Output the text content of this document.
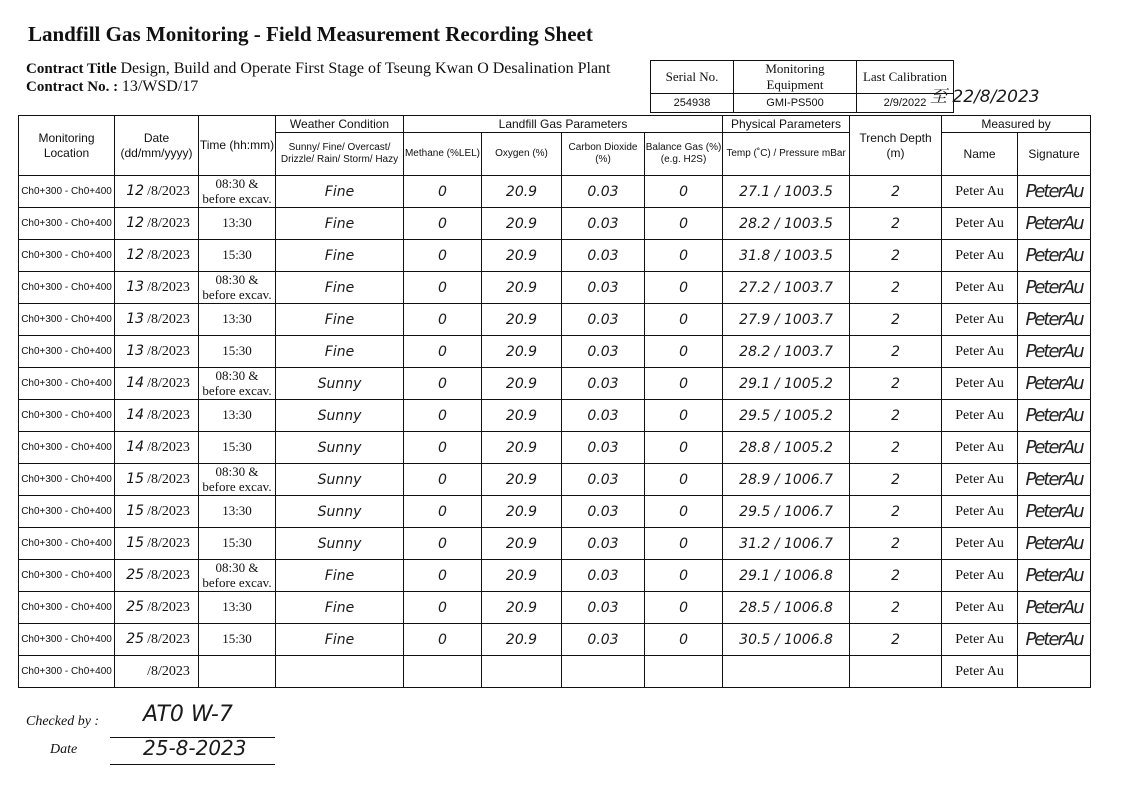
Landfill Gas Monitoring - Field Measurement Recording Sheet
Contract Title Design, Build and Operate First Stage of Tseung Kwan O Desalination Plant
Contract No. : 13/WSD/17
Serial No.	Monitoring Equipment	Last Calibration
254938	GMI-PS500	2/9/2022 至 22/8/2023
Monitoring Location	Date (dd/mm/yyyy)	Time (hh:mm)	Weather Condition	Landfill Gas Parameters				Physical Parameters	Trench Depth (m)	Measured by	
			Sunny/ Fine/ Overcast/ Drizzle/ Rain/ Storm/ Hazy	Methane (%LEL)	Oxygen (%)	Carbon Dioxide (%)	Balance Gas (%) (e.g. H2S)	Temp (˚C) / Pressure mBar		Name	Signature
Ch0+300 - Ch0+400	12 /8/2023	08:30 & before excav.	Fine	0	20.9	0.03	0	27.1 / 1003.5	2	Peter Au	PeterAu
Ch0+300 - Ch0+400	12 /8/2023	13:30	Fine	0	20.9	0.03	0	28.2 / 1003.5	2	Peter Au	PeterAu
Ch0+300 - Ch0+400	12 /8/2023	15:30	Fine	0	20.9	0.03	0	31.8 / 1003.5	2	Peter Au	PeterAu
Ch0+300 - Ch0+400	13 /8/2023	08:30 & before excav.	Fine	0	20.9	0.03	0	27.2 / 1003.7	2	Peter Au	PeterAu
Ch0+300 - Ch0+400	13 /8/2023	13:30	Fine	0	20.9	0.03	0	27.9 / 1003.7	2	Peter Au	PeterAu
Ch0+300 - Ch0+400	13 /8/2023	15:30	Fine	0	20.9	0.03	0	28.2 / 1003.7	2	Peter Au	PeterAu
Ch0+300 - Ch0+400	14 /8/2023	08:30 & before excav.	Sunny	0	20.9	0.03	0	29.1 / 1005.2	2	Peter Au	PeterAu
Ch0+300 - Ch0+400	14 /8/2023	13:30	Sunny	0	20.9	0.03	0	29.5 / 1005.2	2	Peter Au	PeterAu
Ch0+300 - Ch0+400	14 /8/2023	15:30	Sunny	0	20.9	0.03	0	28.8 / 1005.2	2	Peter Au	PeterAu
Ch0+300 - Ch0+400	15 /8/2023	08:30 & before excav.	Sunny	0	20.9	0.03	0	28.9 / 1006.7	2	Peter Au	PeterAu
Ch0+300 - Ch0+400	15 /8/2023	13:30	Sunny	0	20.9	0.03	0	29.5 / 1006.7	2	Peter Au	PeterAu
Ch0+300 - Ch0+400	15 /8/2023	15:30	Sunny	0	20.9	0.03	0	31.2 / 1006.7	2	Peter Au	PeterAu
Ch0+300 - Ch0+400	25 /8/2023	08:30 & before excav.	Fine	0	20.9	0.03	0	29.1 / 1006.8	2	Peter Au	PeterAu
Ch0+300 - Ch0+400	25 /8/2023	13:30	Fine	0	20.9	0.03	0	28.5 / 1006.8	2	Peter Au	PeterAu
Ch0+300 - Ch0+400	25 /8/2023	15:30	Fine	0	20.9	0.03	0	30.5 / 1006.8	2	Peter Au	PeterAu
Ch0+300 - Ch0+400	/8/2023									Peter Au	
Checked by : AT0 W-7
Date	25-8-2023
